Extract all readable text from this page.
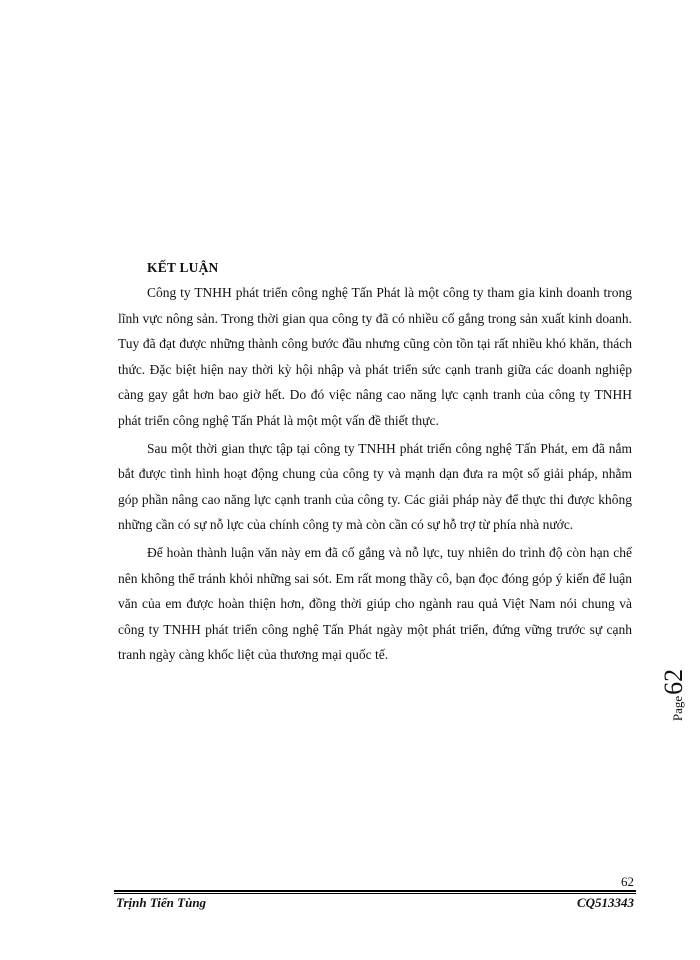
KẾT LUẬN

Công ty TNHH phát triển công nghệ Tấn Phát là một công ty tham gia kinh doanh trong lĩnh vực nông sản. Trong thời gian qua công ty đã có nhiều cố gắng trong sản xuất kinh doanh. Tuy đã đạt được những thành công bước đầu nhưng cũng còn tồn tại rất nhiều khó khăn, thách thức. Đặc biệt hiện nay thời kỳ hội nhập và phát triển sức cạnh tranh giữa các doanh nghiệp càng gay gắt hơn bao giờ hết. Do đó việc nâng cao năng lực cạnh tranh của công ty TNHH phát triển công nghệ Tấn Phát là một một vấn đề thiết thực.

Sau một thời gian thực tập tại công ty TNHH phát triển công nghệ Tấn Phát, em đã nắm bắt được tình hình hoạt động chung của công ty và mạnh dạn đưa ra một số giải pháp, nhằm góp phần nâng cao năng lực cạnh tranh của công ty. Các giải pháp này để thực thi được không những cần có sự nỗ lực của chính công ty mà còn cần có sự hỗ trợ từ phía nhà nước.

Để hoàn thành luận văn này em đã cố gắng và nỗ lực, tuy nhiên do trình độ còn hạn chế nên không thể tránh khỏi những sai sót. Em rất mong thầy cô, bạn đọc đóng góp ý kiến để luận văn của em được hoàn thiện hơn, đồng thời giúp cho ngành rau quả Việt Nam nói chung và công ty TNHH phát triển công nghệ Tấn Phát ngày một phát triển, đứng vững trước sự cạnh tranh ngày càng khốc liệt của thương mại quốc tế.

Page62
62
Trịnh Tiến Tùng	CQ513343
